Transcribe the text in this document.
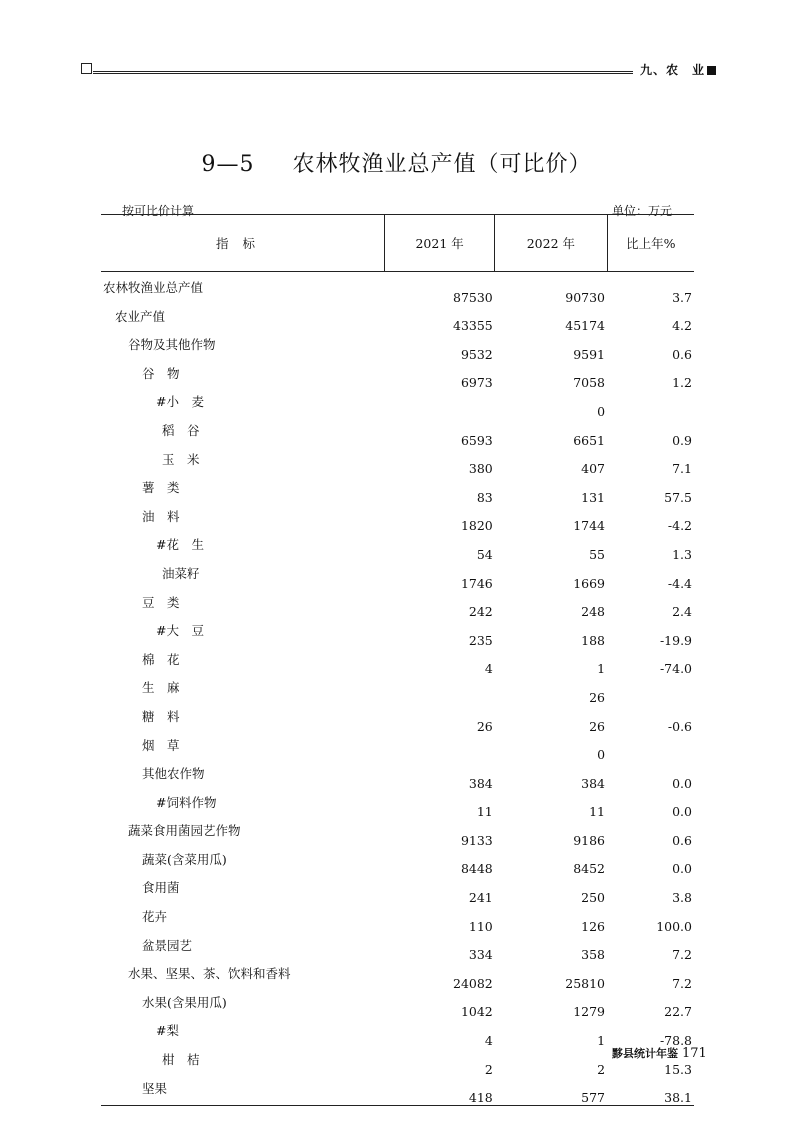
九、农　业
9—5 农林牧渔业总产值（可比价）
按可比价计算	单位：万元
指标	2021 年	2022 年	比上年%
农林牧渔业总产值	87530	90730	3.7
农业产值	43355	45174	4.2
谷物及其他作物	9532	9591	0.6
谷　物	6973	7058	1.2
#小　麦		0	
稻　谷	6593	6651	0.9
玉　米	380	407	7.1
薯　类	83	131	57.5
油　料	1820	1744	-4.2
#花　生	54	55	1.3
油菜籽	1746	1669	-4.4
豆　类	242	248	2.4
#大　豆	235	188	-19.9
棉　花	4	1	-74.0
生　麻		26	
糖　料	26	26	-0.6
烟　草		0	
其他农作物	384	384	0.0
#饲料作物	11	11	0.0
蔬菜食用菌园艺作物	9133	9186	0.6
蔬菜(含菜用瓜)	8448	8452	0.0
食用菌	241	250	3.8
花卉	110	126	100.0
盆景园艺	334	358	7.2
水果、坚果、茶、饮料和香料	24082	25810	7.2
水果(含果用瓜)	1042	1279	22.7
#梨	4	1	-78.8
柑　桔	2	2	15.3
坚果	418	577	38.1
黟县统计年鉴 171
